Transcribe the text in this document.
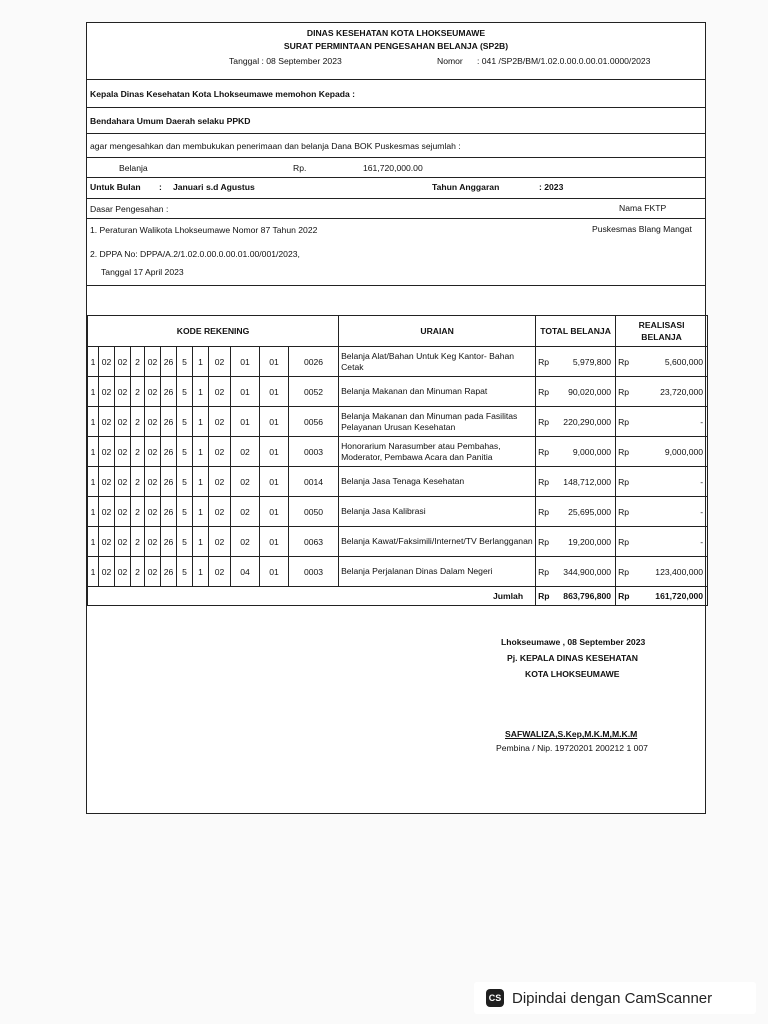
DINAS KESEHATAN KOTA LHOKSEUMAWE
SURAT PERMINTAAN PENGESAHAN BELANJA (SP2B)
Tanggal : 08 September 2023	Nomor : 041 /SP2B/BM/1.02.0.00.0.00.01.0000/2023
Kepala Dinas Kesehatan Kota Lhokseumawe memohon Kepada :
Bendahara Umum Daerah selaku PPKD
agar mengesahkan dan membukukan penerimaan dan belanja Dana BOK Puskesmas sejumlah :
Belanja	Rp.	161,720,000.00
Untuk Bulan : Januari s.d Agustus	Tahun Anggaran	: 2023
Dasar Pengesahan :	Nama FKTP
1. Peraturan Walikota Lhokseumawe Nomor 87 Tahun 2022	Puskesmas Blang Mangat
2. DPPA No: DPPA/A.2/1.02.0.00.0.00.01.00/001/2023,
Tanggal 17 April 2023
KODE REKENING												URAIAN	TOTAL BELANJA		REALISASI
BELANJA	
1	02	02	2	02	26	5	1	02	01	01	0026	Belanja Alat/Bahan Untuk Keg Kantor- Bahan Cetak	Rp	5,979,800	Rp	5,600,000
1	02	02	2	02	26	5	1	02	01	01	0052	Belanja Makanan dan Minuman Rapat	Rp	90,020,000	Rp	23,720,000
1	02	02	2	02	26	5	1	02	01	01	0056	Belanja Makanan dan Minuman pada Fasilitas Pelayanan Urusan Kesehatan	Rp	220,290,000	Rp	-
1	02	02	2	02	26	5	1	02	02	01	0003	Honorarium Narasumber atau Pembahas, Moderator, Pembawa Acara dan Panitia	Rp	9,000,000	Rp	9,000,000
1	02	02	2	02	26	5	1	02	02	01	0014	Belanja Jasa Tenaga Kesehatan	Rp	148,712,000	Rp	-
1	02	02	2	02	26	5	1	02	02	01	0050	Belanja Jasa Kalibrasi	Rp	25,695,000	Rp	-
1	02	02	2	02	26	5	1	02	02	01	0063	Belanja Kawat/Faksimili/Internet/TV Berlangganan	Rp	19,200,000	Rp	-
1	02	02	2	02	26	5	1	02	04	01	0003	Belanja Perjalanan Dinas Dalam Negeri	Rp	344,900,000	Rp	123,400,000
Jumlah													Rp	863,796,800	Rp	161,720,000
Lhokseumawe , 08 September 2023
Pj. KEPALA DINAS KESEHATAN
KOTA LHOKSEUMAWE
SAFWALIZA,S.Kep,M.K.M,M.K.M
Pembina / Nip. 19720201 200212 1 007
CS Dipindai dengan CamScanner
